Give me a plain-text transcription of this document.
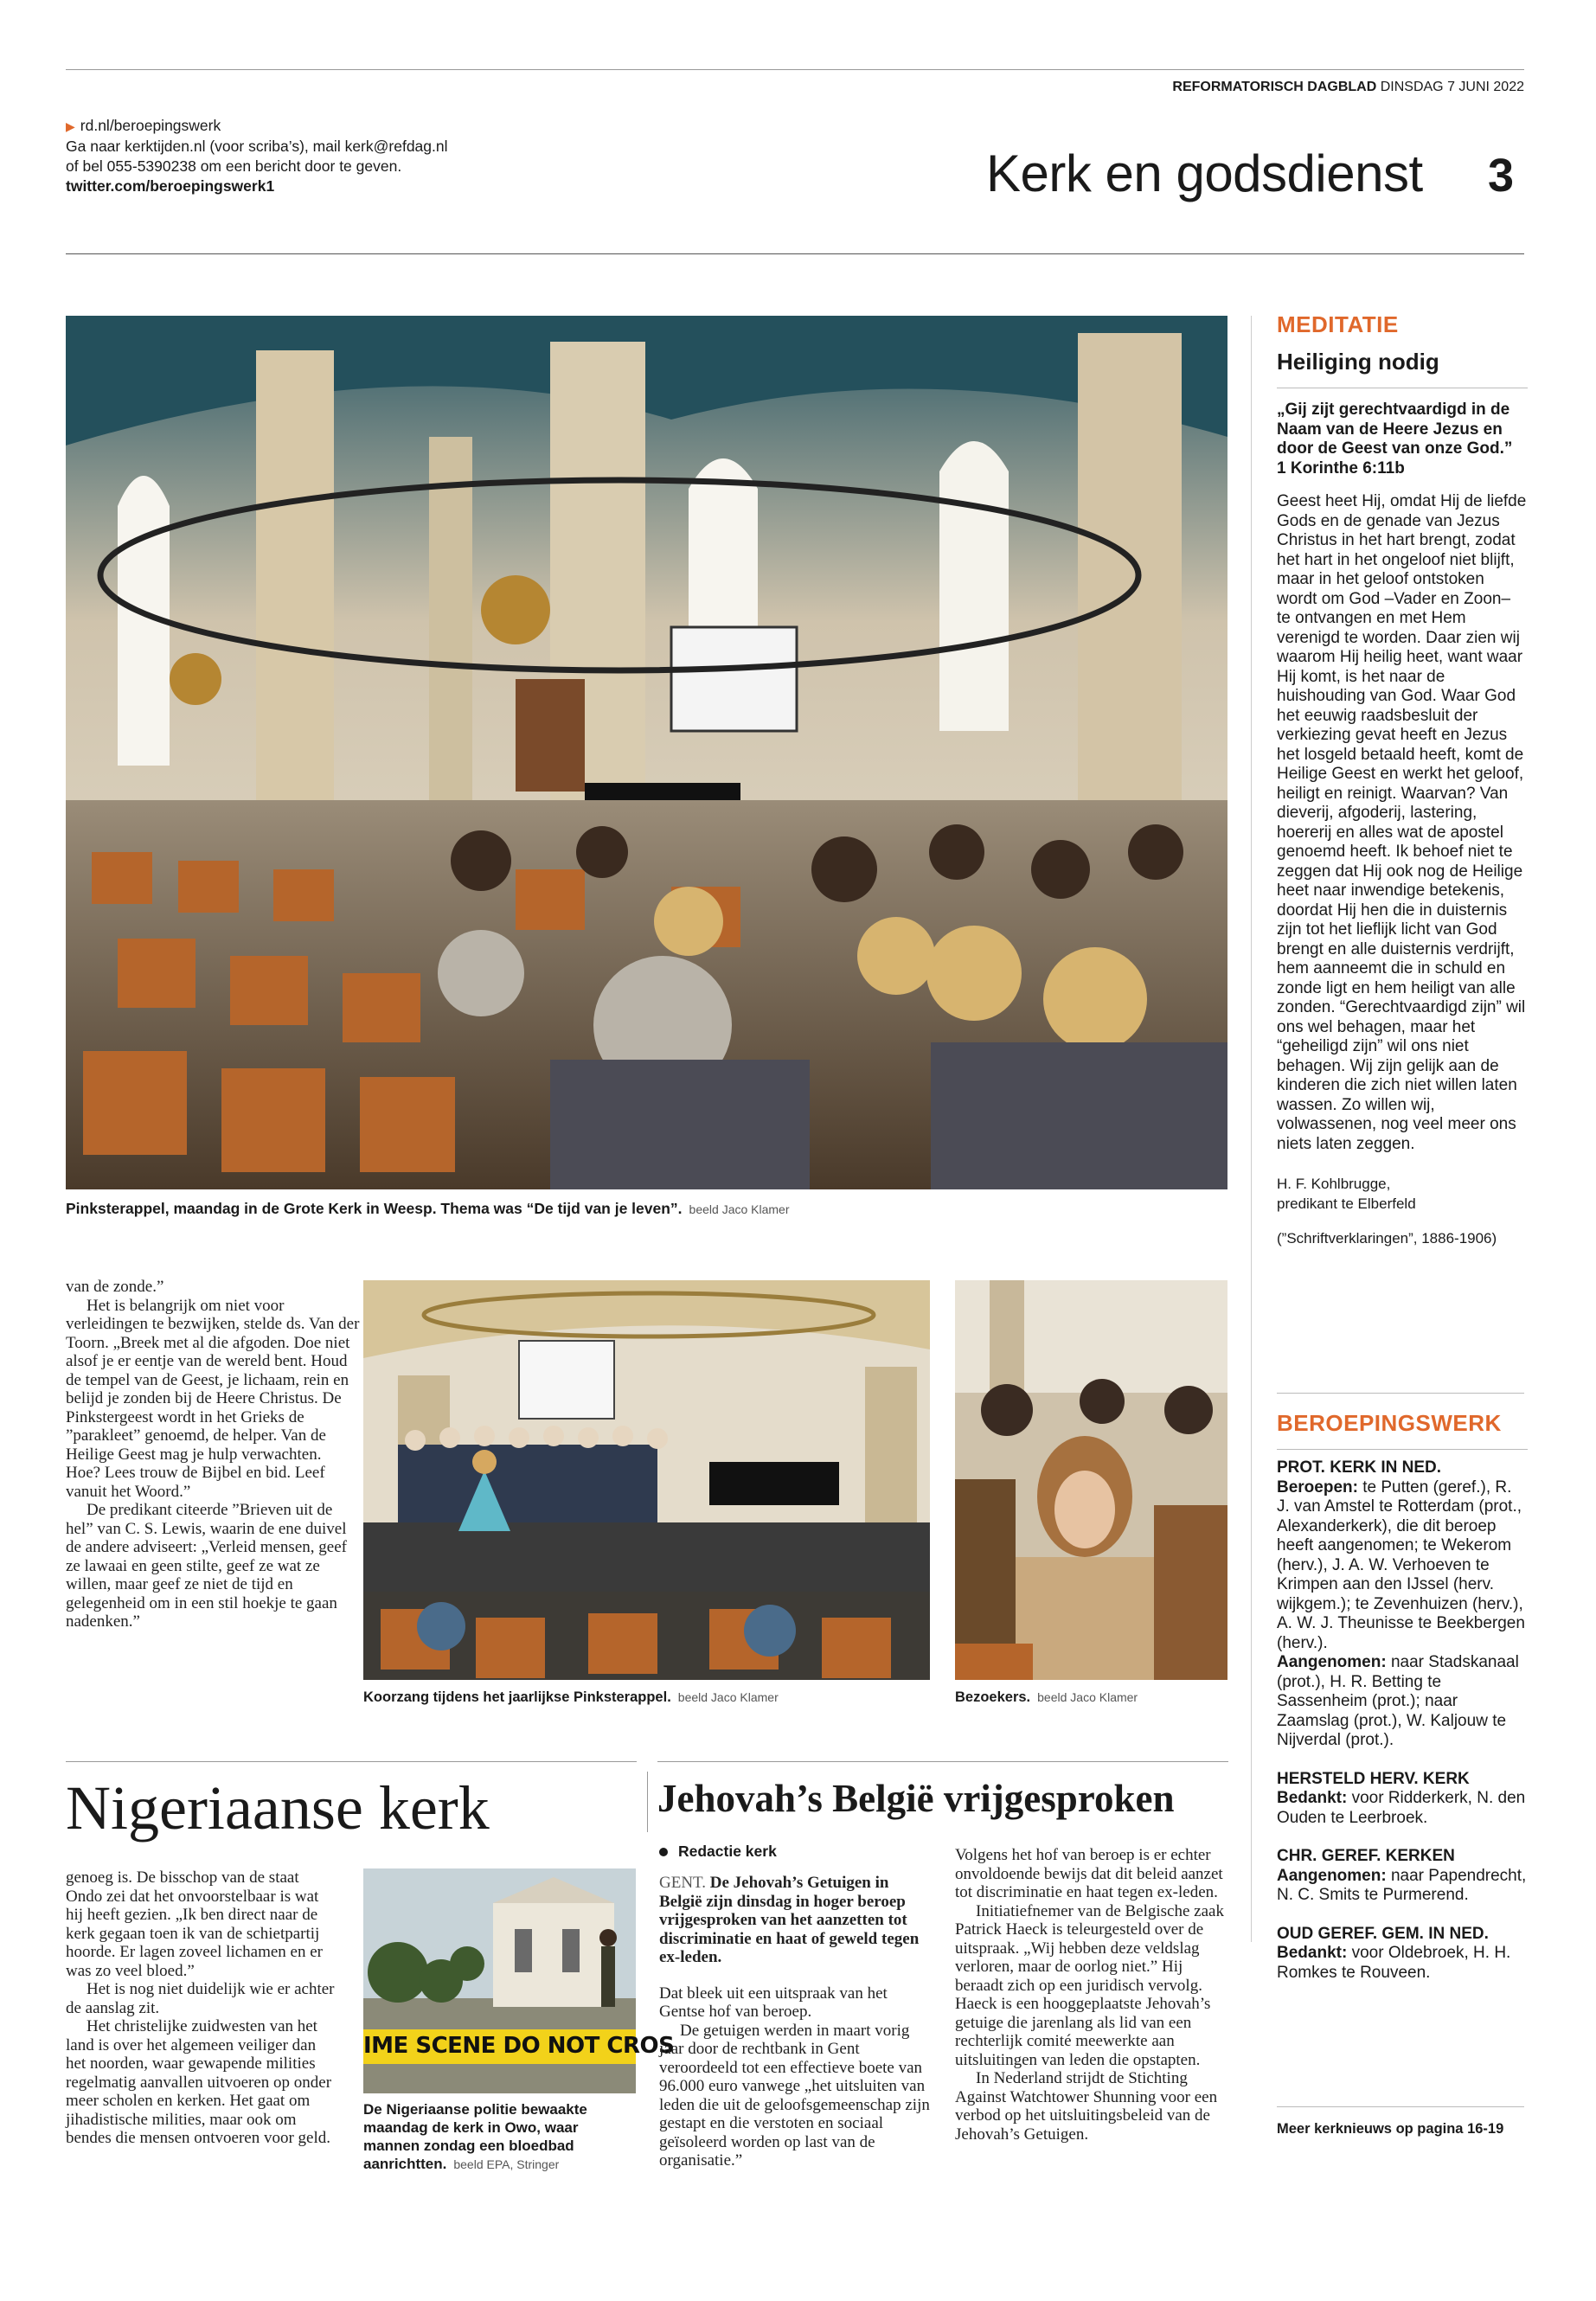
REFORMATORISCH DAGBLAD DINSDAG 7 JUNI 2022
▶ rd.nl/beroepingswerk
Ga naar kerktijden.nl (voor scriba’s), mail kerk@refdag.nl
of bel 055-5390238 om een bericht door te geven.
twitter.com/beroepingswerk1	Kerk en godsdienst 3
Pinksterappel, maandag in de Grote Kerk in Weesp. Thema was “De tijd van je leven”. beeld Jaco Klamer

van de zonde.”

Het is belangrijk om niet voor verleidingen te bezwijken, stelde ds. Van der Toorn. „Breek met al die afgoden. Doe niet alsof je er eentje van de wereld bent. Houd de tempel van de Geest, je lichaam, rein en belijd je zonden bij de Heere Christus. De Pinkstergeest wordt in het Grieks de ”parakleet” genoemd, de helper. Van de Heilige Geest mag je hulp verwachten. Hoe? Lees trouw de Bijbel en bid. Leef vanuit het Woord.”

De predikant citeerde ”Brieven uit de hel” van C. S. Lewis, waarin de ene duivel de andere adviseert: „Verleid mensen, geef ze lawaai en geen stilte, geef ze wat ze willen, maar geef ze niet de tijd en gelegenheid om in een stil hoekje te gaan nadenken.”

Koorzang tijdens het jaarlijkse Pinksterappel. beeld Jaco Klamer	Bezoekers. beeld Jaco Klamer
MEDITATIE
Heiliging nodig
„Gij zijt gerechtvaardigd in de Naam van de Heere Jezus en door de Geest van onze God.”
1 Korinthe 6:11b
Geest heet Hij, omdat Hij de liefde Gods en de genade van Jezus Christus in het hart brengt, zodat het hart in het ongeloof niet blijft, maar in het geloof ontstoken wordt om God –Vader en Zoon– te ontvangen en met Hem verenigd te worden. Daar zien wij waarom Hij heilig heet, want waar Hij komt, is het naar de huishouding van God. Waar God het eeuwig raadsbesluit der verkiezing gevat heeft en Jezus het losgeld betaald heeft, komt de Heilige Geest en werkt het geloof, heiligt en reinigt. Waarvan? Van dieverij, afgoderij, lastering, hoererij en alles wat de apostel genoemd heeft. Ik behoef niet te zeggen dat Hij ook nog de Heilige heet naar inwendige betekenis, doordat Hij hen die in duisternis zijn tot het lieflijk licht van God brengt en alle duisternis verdrijft, hem aanneemt die in schuld en zonde ligt en hem heiligt van alle zonden. “Gerechtvaardigd zijn” wil ons wel behagen, maar het “geheiligd zijn” wil ons niet behagen. Wij zijn gelijk aan de kinderen die zich niet willen laten wassen. Zo willen wij, volwassenen, nog veel meer ons niets laten zeggen.
H. F. Kohlbrugge,
predikant te Elberfeld
(”Schriftverklaringen”, 1886-1906)
BEROEPINGSWERK
PROT. KERK IN NED.
Beroepen: te Putten (geref.), R. J. van Amstel te Rotterdam (prot., Alexanderkerk), die dit beroep heeft aangenomen; te Wekerom (herv.), J. A. W. Verhoeven te Krimpen aan den IJssel (herv. wijkgem.); te Zevenhuizen (herv.), A. W. J. Theunisse te Beekbergen (herv.).
Aangenomen: naar Stadskanaal (prot.), H. R. Betting te Sassenheim (prot.); naar Zaamslag (prot.), W. Kaljouw te Nijverdal (prot.).
HERSTELD HERV. KERK
Bedankt: voor Ridderkerk, N. den Ouden te Leerbroek.
CHR. GEREF. KERKEN
Aangenomen: naar Papendrecht, N. C. Smits te Purmerend.
OUD GEREF. GEM. IN NED.
Bedankt: voor Oldebroek, H. H. Romkes te Rouveen.
Meer kerknieuws op pagina 16-19
Nigeriaanse kerk

genoeg is. De bisschop van de staat Ondo zei dat het onvoorstelbaar is wat hij heeft gezien. „Ik ben direct naar de kerk gegaan toen ik van de schietpartij hoorde. Er lagen zoveel lichamen en er was zo veel bloed.”

Het is nog niet duidelijk wie er achter de aanslag zit.

Het christelijke zuidwesten van het land is over het algemeen veiliger dan het noorden, waar gewapende milities regelmatig aanvallen uitvoeren op onder meer scholen en kerken. Het gaat om jihadistische milities, maar ook om bendes die mensen ontvoeren voor geld.

IME SCENE DO NOT CROS
De Nigeriaanse politie bewaakte maandag de kerk in Owo, waar mannen zondag een bloedbad aanrichtten. beeld EPA, Stringer
Jehovah’s België vrijgesproken
Redactie kerk

GENT. De Jehovah’s Getuigen in België zijn dinsdag in hoger beroep vrijgesproken van het aanzetten tot discriminatie en haat of geweld tegen ex-leden.

Dat bleek uit een uitspraak van het Gentse hof van beroep.

De getuigen werden in maart vorig jaar door de rechtbank in Gent veroordeeld tot een effectieve boete van 96.000 euro vanwege „het uitsluiten van leden die uit de geloofsgemeenschap zijn gestapt en die verstoten en sociaal geïsoleerd worden op last van de organisatie.”

Volgens het hof van beroep is er echter onvoldoende bewijs dat dit beleid aanzet tot discriminatie en haat tegen ex-leden.

Initiatiefnemer van de Belgische zaak Patrick Haeck is teleurgesteld over de uitspraak. „Wij hebben deze veldslag verloren, maar de oorlog niet.” Hij beraadt zich op een juridisch vervolg. Haeck is een hooggeplaatste Jehovah’s getuige die jarenlang als lid van een rechterlijk comité meewerkte aan uitsluitingen van leden die opstapten.

In Nederland strijdt de Stichting Against Watchtower Shunning voor een verbod op het uitsluitingsbeleid van de Jehovah’s Getuigen.
